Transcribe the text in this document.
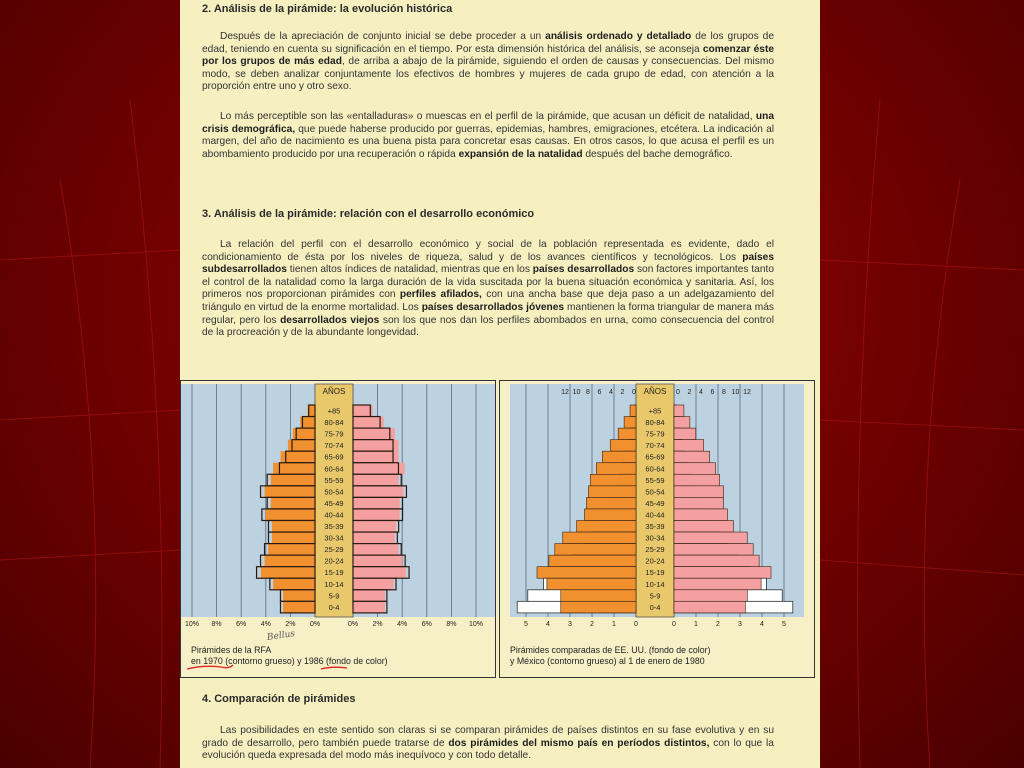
2. Análisis de la pirámide: la evolución histórica
Después de la apreciación de conjunto inicial se debe proceder a un análisis ordenado y detallado de los grupos de edad, teniendo en cuenta su significación en el tiempo. Por esta dimensión histórica del análisis, se aconseja comenzar éste por los grupos de más edad, de arriba a abajo de la pirámide, siguiendo el orden de causas y consecuencias. Del mismo modo, se deben analizar conjuntamente los efectivos de hombres y mujeres de cada grupo de edad, con atención a la proporción entre uno y otro sexo.
Lo más perceptible son las «entalladuras» o muescas en el perfil de la pirámide, que acusan un déficit de natalidad, una crisis demográfica, que puede haberse producido por guerras, epidemias, hambres, emigraciones, etcétera. La indicación al margen, del año de nacimiento es una buena pista para concretar esas causas. En otros casos, lo que acusa el perfil es un abombamiento producido por una recuperación o rápida expansión de la natalidad después del bache demográfico.
3. Análisis de la pirámide: relación con el desarrollo económico
La relación del perfil con el desarrollo económico y social de la población representada es evidente, dado el condicionamiento de ésta por los niveles de riqueza, salud y de los avances científicos y tecnológicos. Los países subdesarrollados tienen altos índices de natalidad, mientras que en los países desarrollados son factores importantes tanto el control de la natalidad como la larga duración de la vida suscitada por la buena situación económica y sanitaria. Así, los primeros nos proporcionan pirámides con perfiles afilados, con una ancha base que deja paso a un adelgazamiento del triángulo en virtud de la enorme mortalidad. Los países desarrollados jóvenes mantienen la forma triangular de manera más regular, pero los desarrollados viejos son los que nos dan los perfiles abombados en urna, como consecuencia del control de la procreación y de la abundante longevidad.
AÑOS
+85
80-84
75-79
70-74
65-69
60-64
55-59
50-54
45-49
40-44
35-39
30-34
25-29
20-24
15-19
10-14
5-9
0-4
10% 8% 6% 4% 2% 0%	0% 2% 4% 6% 8% 10%
Pirámides de la RFA
en 1970 (contorno grueso) y 1986 (fondo de color)
Bellus
AÑOS
+85
80-84
75-79
70-74
65-69
60-64
55-59
50-54
45-49
40-44
35-39
30-34
25-29
20-24
15-19
10-14
5-9
0-4
12 10 8 6 4 2 0	0 2 4 6 8 10 12
5	4	3	2	1	0	0	1	2	3	4	5
Pirámides comparadas de EE. UU. (fondo de color)
y México (contorno grueso) al 1 de enero de 1980
4. Comparación de pirámides
Las posibilidades en este sentido son claras si se comparan pirámides de países distintos en su fase evolutiva y en su grado de desarrollo, pero también puede tratarse de dos pirámides del mismo país en períodos distintos, con lo que la evolución queda expresada del modo más inequívoco y con todo detalle.
